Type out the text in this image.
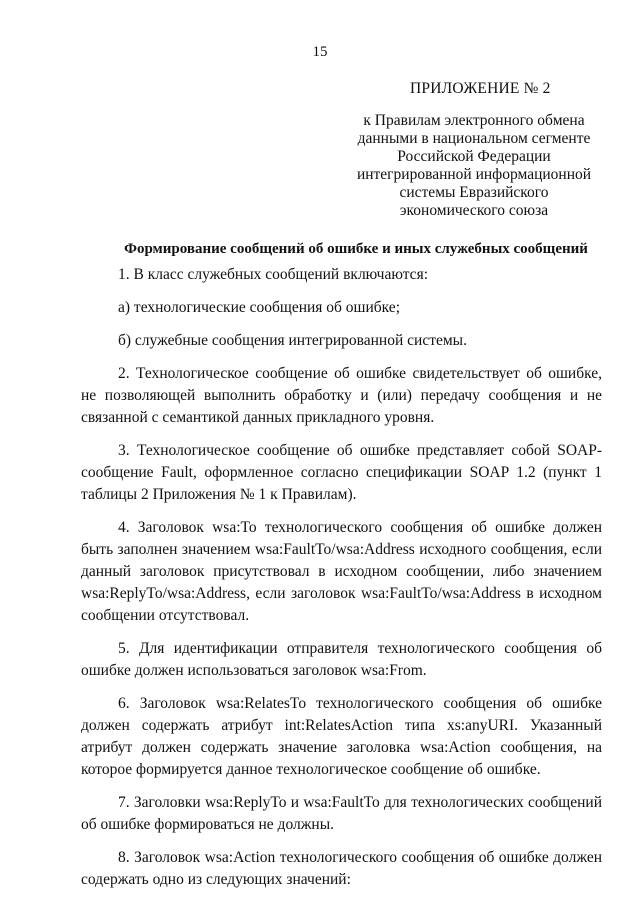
15
ПРИЛОЖЕНИЕ № 2
к Правилам электронного обмена
данными в национальном сегменте
Российской Федерации
интегрированной информационной
системы Евразийского
экономического союза
Формирование сообщений об ошибке и иных служебных сообщений

1. В класс служебных сообщений включаются:

а) технологические сообщения об ошибке;

б) служебные сообщения интегрированной системы.

2. Технологическое сообщение об ошибке свидетельствует об ошибке, не позволяющей выполнить обработку и (или) передачу сообщения и не связанной с семантикой данных прикладного уровня.

3. Технологическое сообщение об ошибке представляет собой SOAP-сообщение Fault, оформленное согласно спецификации SOAP 1.2 (пункт 1 таблицы 2 Приложения № 1 к Правилам).

4. Заголовок wsa:To технологического сообщения об ошибке должен быть заполнен значением wsa:FaultTo/wsa:Address исходного сообщения, если данный заголовок присутствовал в исходном сообщении, либо значением wsa:ReplyTo/wsa:Address, если заголовок wsa:FaultTo/wsa:Address в исходном сообщении отсутствовал.

5. Для идентификации отправителя технологического сообщения об ошибке должен использоваться заголовок wsa:From.

6. Заголовок wsa:RelatesTo технологического сообщения об ошибке должен содержать атрибут int:RelatesAction типа xs:anyURI. Указанный атрибут должен содержать значение заголовка wsa:Action сообщения, на которое формируется данное технологическое сообщение об ошибке.

7. Заголовки wsa:ReplyTo и wsa:FaultTo для технологических сообщений об ошибке формироваться не должны.

8. Заголовок wsa:Action технологического сообщения об ошибке должен содержать одно из следующих значений:
